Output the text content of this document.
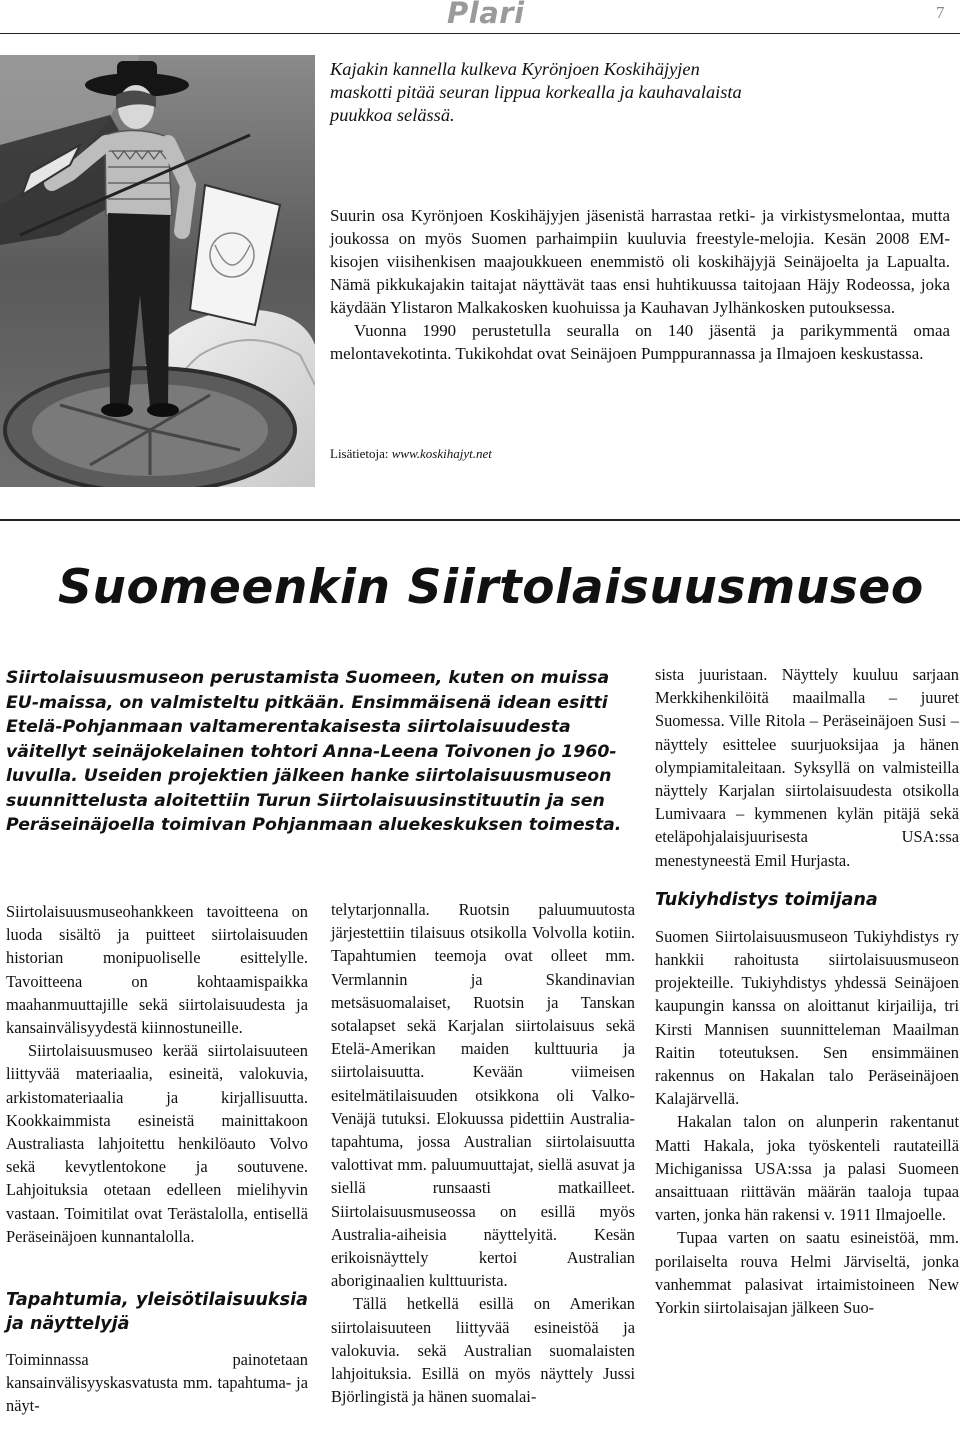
Plari	7
Kajakin kannella kulkeva Kyrönjoen Koskihäjyjen maskotti pitää seuran lippua korkealla ja kauhavalaista puukkoa selässä.

Suurin osa Kyrönjoen Koskihäjyjen jäsenistä harrastaa retki- ja virkistysmelontaa, mutta joukossa on myös Suomen parhaimpiin kuuluvia freestyle-melojia. Kesän 2008 EM-kisojen viisihenkisen maajoukkueen enemmistö oli koskihäjyjä Seinäjoelta ja Lapualta. Nämä pikkukajakin taitajat näyttävät taas ensi huhtikuussa taitojaan Häjy Rodeossa, joka käydään Ylistaron Malkakosken kuohuissa ja Kauhavan Jylhänkosken putouksessa.

Vuonna 1990 perustetulla seuralla on 140 jäsentä ja parikymmentä omaa melontavekotinta. Tukikohdat ovat Seinäjoen Pumppurannassa ja Ilmajoen keskustassa.

Lisätietoja: www.koskihajyt.net
Suomeenkin Siirtolaisuusmuseo
Siirtolaisuusmuseon perustamista Suomeen, kuten on muissa EU-maissa, on valmisteltu pitkään. Ensimmäisenä idean esitti Etelä-Pohjanmaan valtamerentakaisesta siirtolaisuudesta väitellyt seinäjokelainen tohtori Anna-Leena Toivonen jo 1960-luvulla. Useiden projektien jälkeen hanke siirtolaisuusmuseon suunnittelusta aloitettiin Turun Siirtolaisuusinstituutin ja sen Peräseinäjoella toimivan Pohjanmaan aluekeskuksen toimesta.

Siirtolaisuusmuseohankkeen tavoitteena on luoda sisältö ja puitteet siirtolaisuuden historian monipuoliselle esittelylle. Tavoitteena on kohtaamispaikka maahanmuuttajille sekä siirtolaisuudesta ja kansainvälisyydestä kiinnostuneille.

Siirtolaisuusmuseo kerää siirtolaisuuteen liittyvää materiaalia, esineitä, valokuvia, arkistomateriaalia ja kirjallisuutta. Kookkaimmista esineistä mainittakoon Australiasta lahjoitettu henkilöauto Volvo sekä kevytlentokone ja soutuvene. Lahjoituksia otetaan edelleen mielihyvin vastaan. Toimitilat ovat Terästalolla, entisellä Peräseinäjoen kunnantalolla.

Tapahtumia, yleisötilaisuuksia ja näyttelyjä

Toiminnassa painotetaan kansainvälisyyskasvatusta mm. tapahtuma- ja näyt-

telytarjonnalla. Ruotsin paluumuutosta järjestettiin tilaisuus otsikolla Volvolla kotiin. Tapahtumien teemoja ovat olleet mm. Vermlannin ja Skandinavian metsäsuomalaiset, Ruotsin ja Tanskan sotalapset sekä Karjalan siirtolaisuus sekä Etelä-Amerikan maiden kulttuuria ja siirtolaisuutta. Kevään viimeisen esitelmätilaisuuden otsikkona oli Valko-Venäjä tutuksi. Elokuussa pidettiin Australia-tapahtuma, jossa Australian siirtolaisuutta valottivat mm. paluumuuttajat, siellä asuvat ja siellä runsaasti matkailleet. Siirtolaisuusmuseossa on esillä myös Australia-aiheisia näyttelyitä. Kesän erikoisnäyttely kertoi Australian aboriginaalien kulttuurista.

Tällä hetkellä esillä on Amerikan siirtolaisuuteen liittyvää esineistöä ja valokuvia. sekä Australian suomalaisten lahjoituksia. Esillä on myös näyttely Jussi Björlingistä ja hänen suomalai-

sista juuristaan. Näyttely kuuluu sarjaan Merkkihenkilöitä maailmalla – juuret Suomessa. Ville Ritola – Peräseinäjoen Susi –näyttely esittelee suurjuoksijaa ja hänen olympiamitaleitaan. Syksyllä on valmisteilla näyttely Karjalan siirtolaisuudesta otsikolla Lumivaara – kymmenen kylän pitäjä sekä eteläpohjalaisjuurisesta USA:ssa menestyneestä Emil Hurjasta.

Tukiyhdistys toimijana

Suomen Siirtolaisuusmuseon Tukiyhdistys ry hankkii rahoitusta siirtolaisuusmuseon projekteille. Tukiyhdistys yhdessä Seinäjoen kaupungin kanssa on aloittanut kirjailija, tri Kirsti Mannisen suunnitteleman Maailman Raitin toteutuksen. Sen ensimmäinen rakennus on Hakalan talo Peräseinäjoen Kalajärvellä.

Hakalan talon on alunperin rakentanut Matti Hakala, joka työskenteli rautateillä Michiganissa USA:ssa ja palasi Suomeen ansaittuaan riittävän määrän taaloja tupaa varten, jonka hän rakensi v. 1911 Ilmajoelle.

Tupaa varten on saatu esineistöä, mm. porilaiselta rouva Helmi Järviseltä, jonka vanhemmat palasivat irtaimistoineen New Yorkin siirtolaisajan jälkeen Suo-
